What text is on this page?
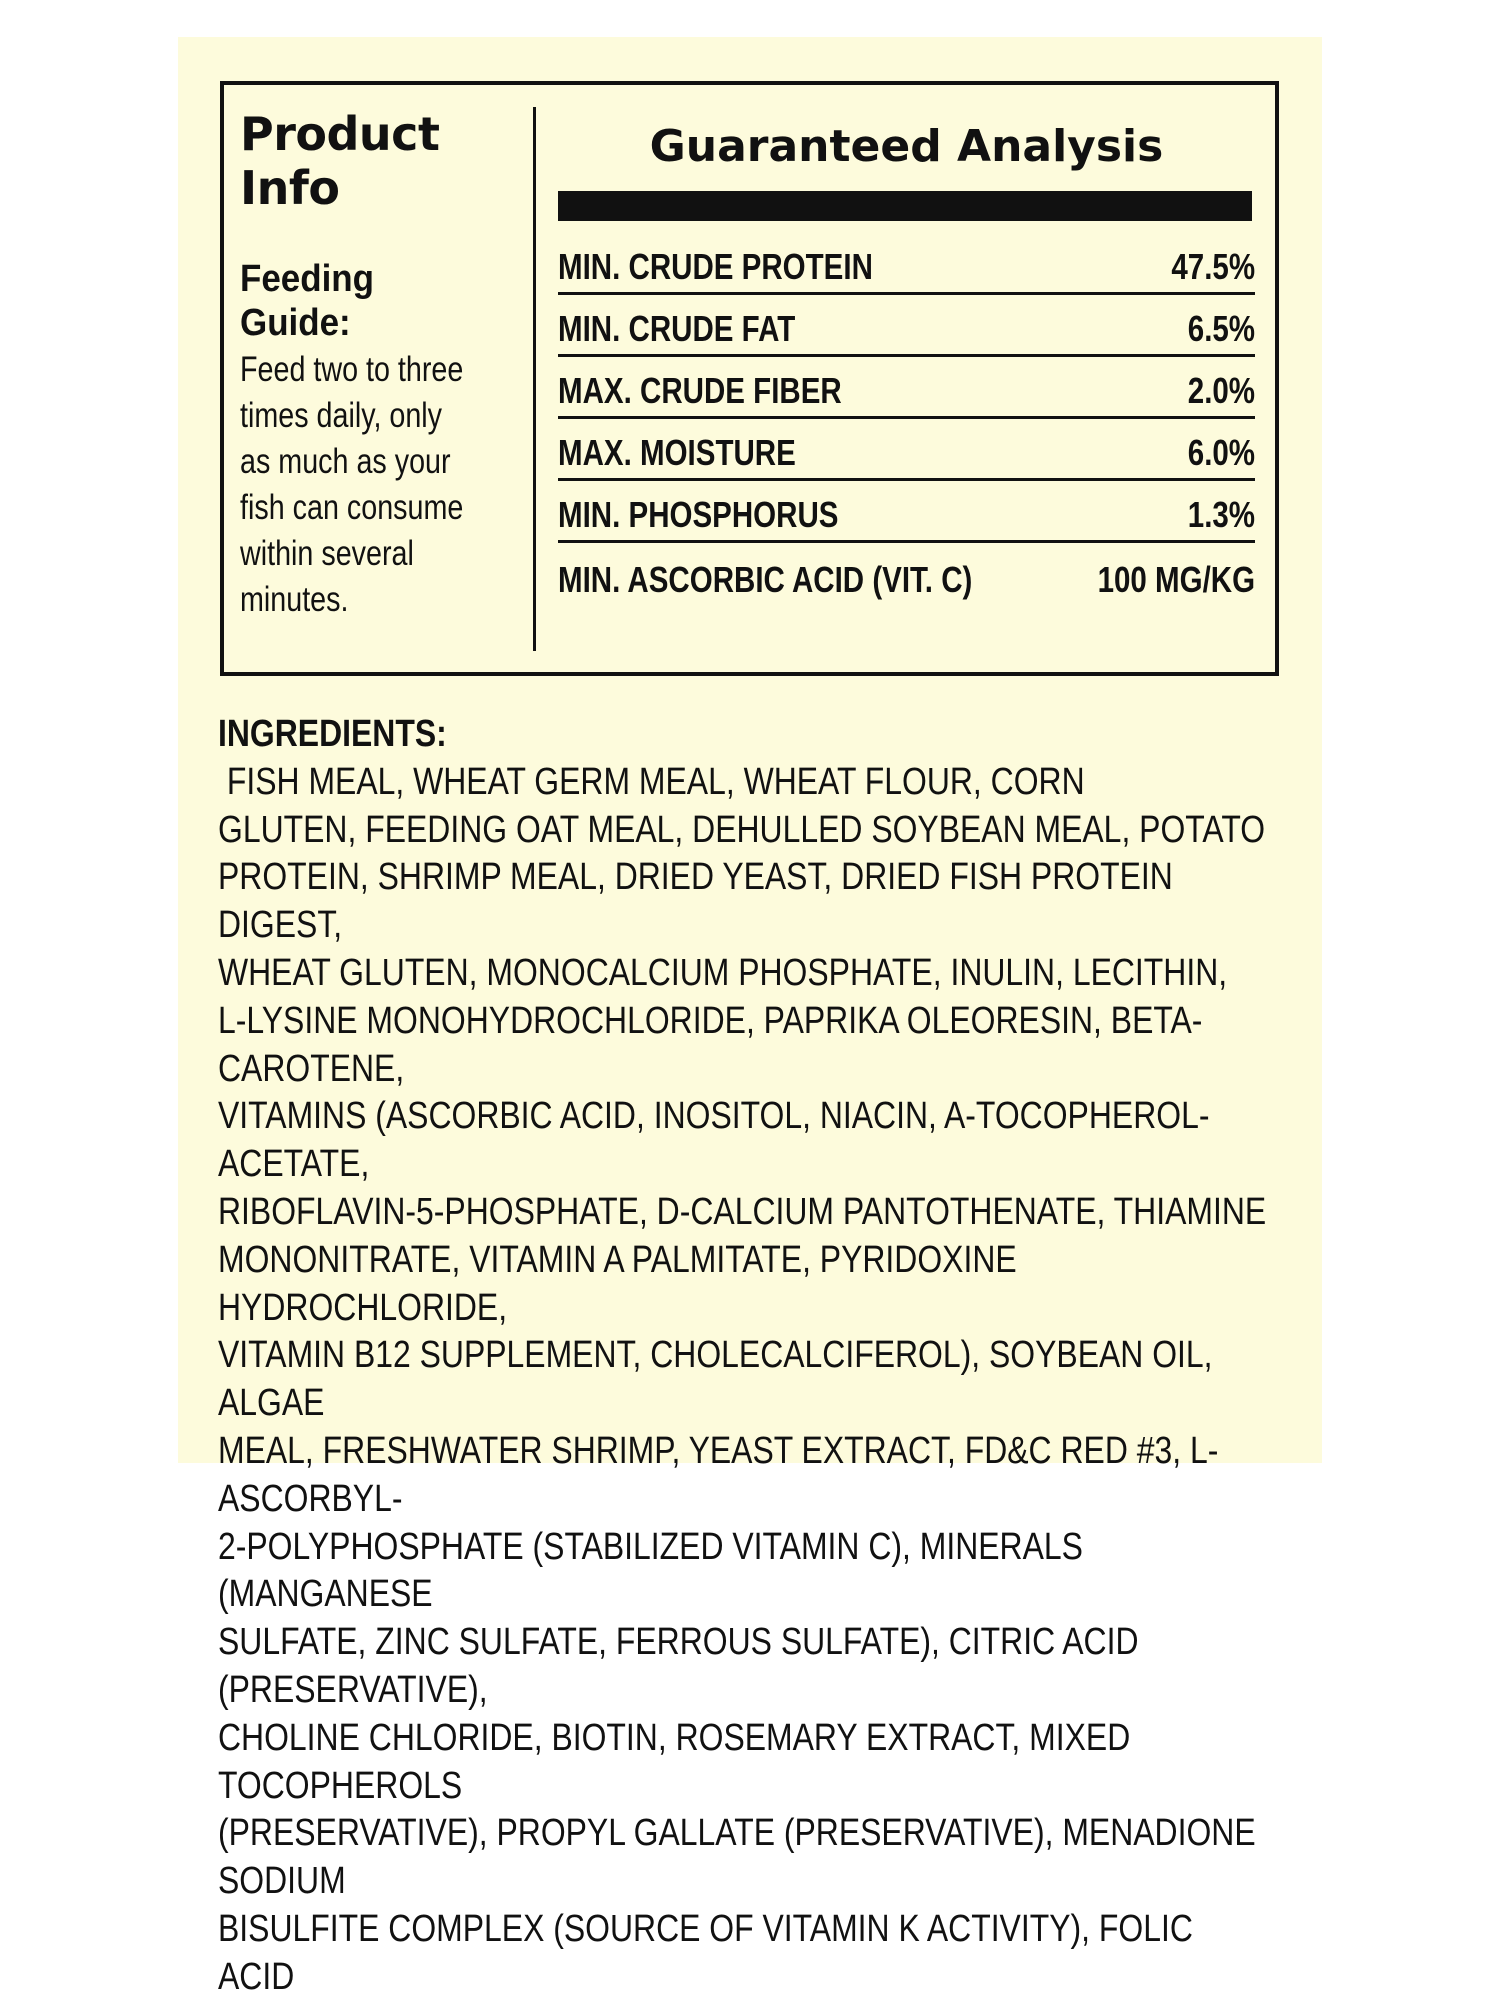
Product
Info
Feeding
Guide:
Feed two to three
times daily, only
as much as your
fish can consume
within several
minutes.
Guaranteed Analysis
MIN. CRUDE PROTEIN	47.5%
MIN. CRUDE FAT	6.5%
MAX. CRUDE FIBER	2.0%
MAX. MOISTURE	6.0%
MIN. PHOSPHORUS	1.3%
MIN. ASCORBIC ACID (VIT. C)	100 MG/KG
INGREDIENTS: FISH MEAL, WHEAT GERM MEAL, WHEAT FLOUR, CORN
GLUTEN, FEEDING OAT MEAL, DEHULLED SOYBEAN MEAL, POTATO
PROTEIN, SHRIMP MEAL, DRIED YEAST, DRIED FISH PROTEIN DIGEST,
WHEAT GLUTEN, MONOCALCIUM PHOSPHATE, INULIN, LECITHIN,
L-LYSINE MONOHYDROCHLORIDE, PAPRIKA OLEORESIN, BETA-CAROTENE,
VITAMINS (ASCORBIC ACID, INOSITOL, NIACIN, A-TOCOPHEROL-ACETATE,
RIBOFLAVIN-5-PHOSPHATE, D-CALCIUM PANTOTHENATE, THIAMINE
MONONITRATE, VITAMIN A PALMITATE, PYRIDOXINE HYDROCHLORIDE,
VITAMIN B12 SUPPLEMENT, CHOLECALCIFEROL), SOYBEAN OIL, ALGAE
MEAL, FRESHWATER SHRIMP, YEAST EXTRACT, FD&C RED #3, L-ASCORBYL-
2-POLYPHOSPHATE (STABILIZED VITAMIN C), MINERALS (MANGANESE
SULFATE, ZINC SULFATE, FERROUS SULFATE), CITRIC ACID (PRESERVATIVE),
CHOLINE CHLORIDE, BIOTIN, ROSEMARY EXTRACT, MIXED TOCOPHEROLS
(PRESERVATIVE), PROPYL GALLATE (PRESERVATIVE), MENADIONE SODIUM
BISULFITE COMPLEX (SOURCE OF VITAMIN K ACTIVITY), FOLIC ACID
